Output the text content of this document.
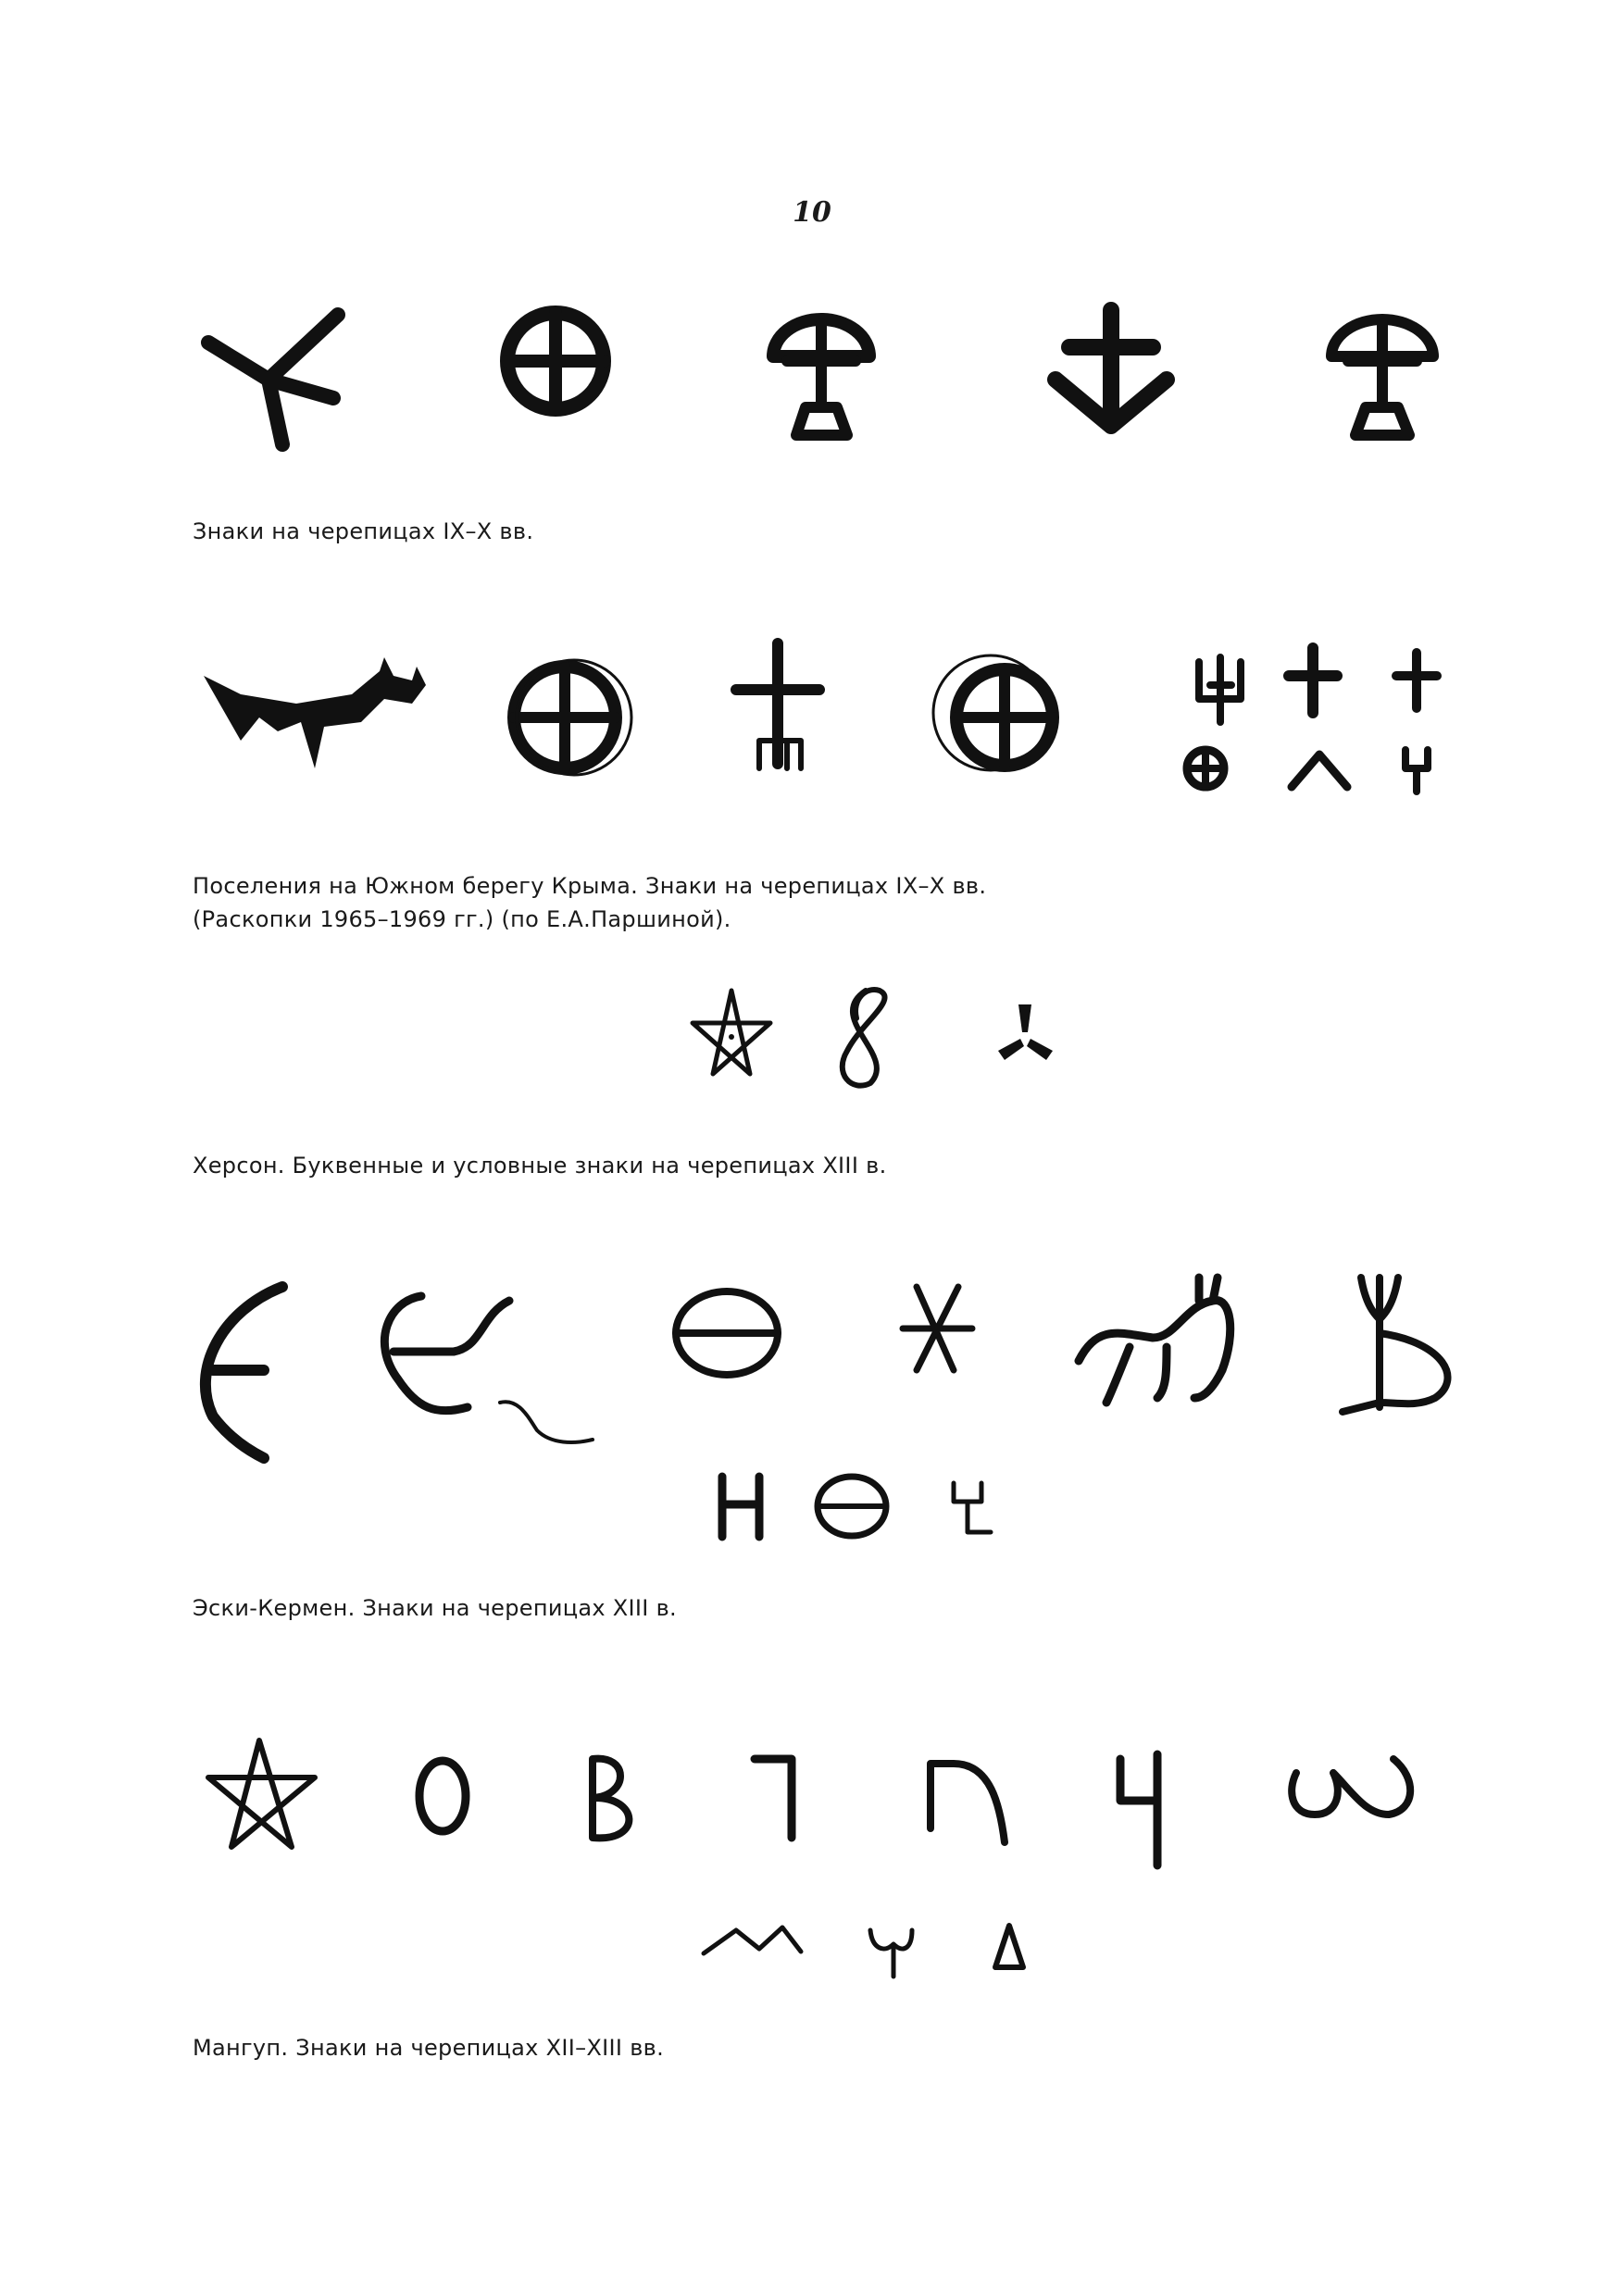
10
Знаки на черепицах IX–X вв.
Поселения на Южном берегу Крыма. Знаки на черепицах IX–X вв.
(Раскопки 1965–1969 гг.) (по Е.А.Паршиной).
Херсон. Буквенные и условные знаки на черепицах XIII в.
Эски-Кермен. Знаки на черепицах XIII в.
Мангуп. Знаки на черепицах XII–XIII вв.
